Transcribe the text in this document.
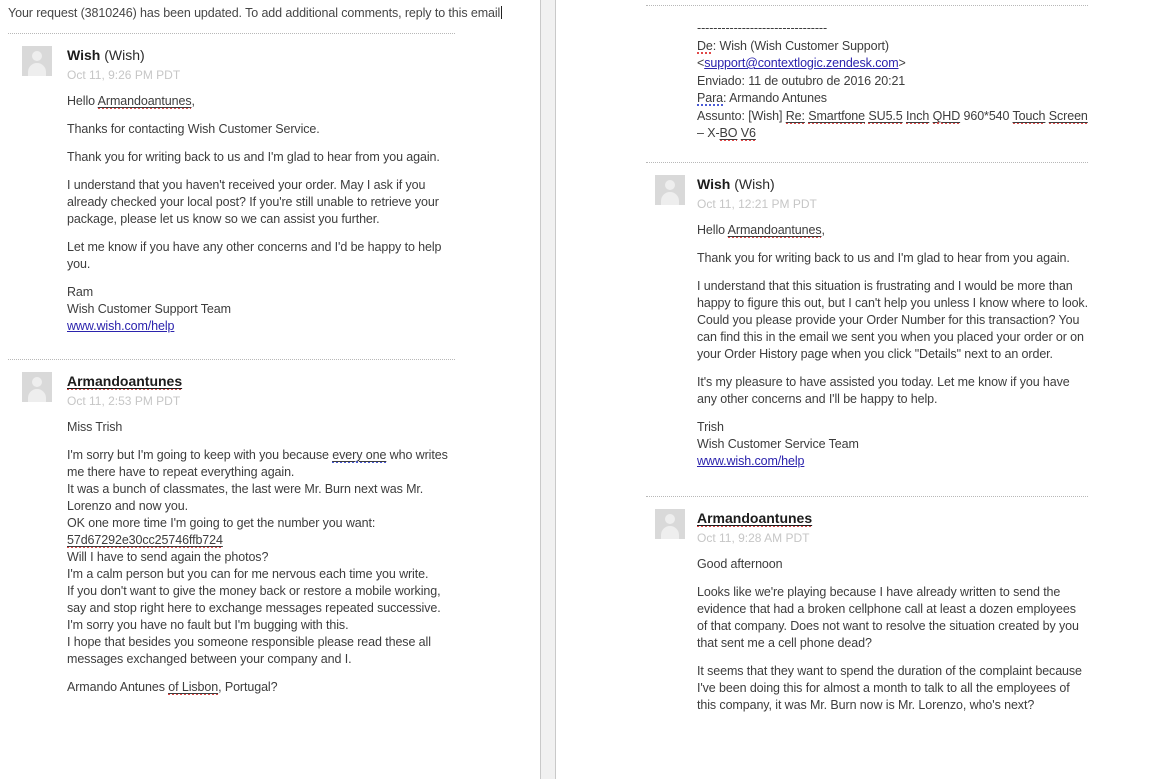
Your request (3810246) has been updated. To add additional comments, reply to this email
Wish (Wish)
Oct 11, 9:26 PM PDT

Hello Armandoantunes,

Thanks for contacting Wish Customer Service.

Thank you for writing back to us and I'm glad to hear from you again.

I understand that you haven't received your order. May I ask if you already checked your local post? If you're still unable to retrieve your package, please let us know so we can assist you further.

Let me know if you have any other concerns and I'd be happy to help you.

Ram
Wish Customer Support Team
www.wish.com/help

Armandoantunes
Oct 11, 2:53 PM PDT

Miss Trish

I'm sorry but I'm going to keep with you because every one who writes me there have to repeat everything again.
It was a bunch of classmates, the last were Mr. Burn next was Mr. Lorenzo and now you.
OK one more time I'm going to get the number you want:
57d67292e30cc25746ffb724
Will I have to send again the photos?
I'm a calm person but you can for me nervous each time you write.
If you don't want to give the money back or restore a mobile working, say and stop right here to exchange messages repeated successive.
I'm sorry you have no fault but I'm bugging with this.
I hope that besides you someone responsible please read these all messages exchanged between your company and I.

Armando Antunes of Lisbon, Portugal?

--------------------------------
De: Wish (Wish Customer Support)
<support@contextlogic.zendesk.com>
Enviado: 11 de outubro de 2016 20:21
Para: Armando Antunes
Assunto: [Wish] Re: Smartfone SU5.5 Inch QHD 960*540 Touch Screen – X-BO V6
Wish (Wish)
Oct 11, 12:21 PM PDT

Hello Armandoantunes,

Thank you for writing back to us and I'm glad to hear from you again.

I understand that this situation is frustrating and I would be more than happy to figure this out, but I can't help you unless I know where to look. Could you please provide your Order Number for this transaction? You can find this in the email we sent you when you placed your order or on your Order History page when you click "Details" next to an order.

It's my pleasure to have assisted you today. Let me know if you have any other concerns and I'll be happy to help.

Trish
Wish Customer Service Team
www.wish.com/help

Armandoantunes
Oct 11, 9:28 AM PDT

Good afternoon

Looks like we're playing because I have already written to send the evidence that had a broken cellphone call at least a dozen employees of that company. Does not want to resolve the situation created by you that sent me a cell phone dead?

It seems that they want to spend the duration of the complaint because I've been doing this for almost a month to talk to all the employees of this company, it was Mr. Burn now is Mr. Lorenzo, who's next?
